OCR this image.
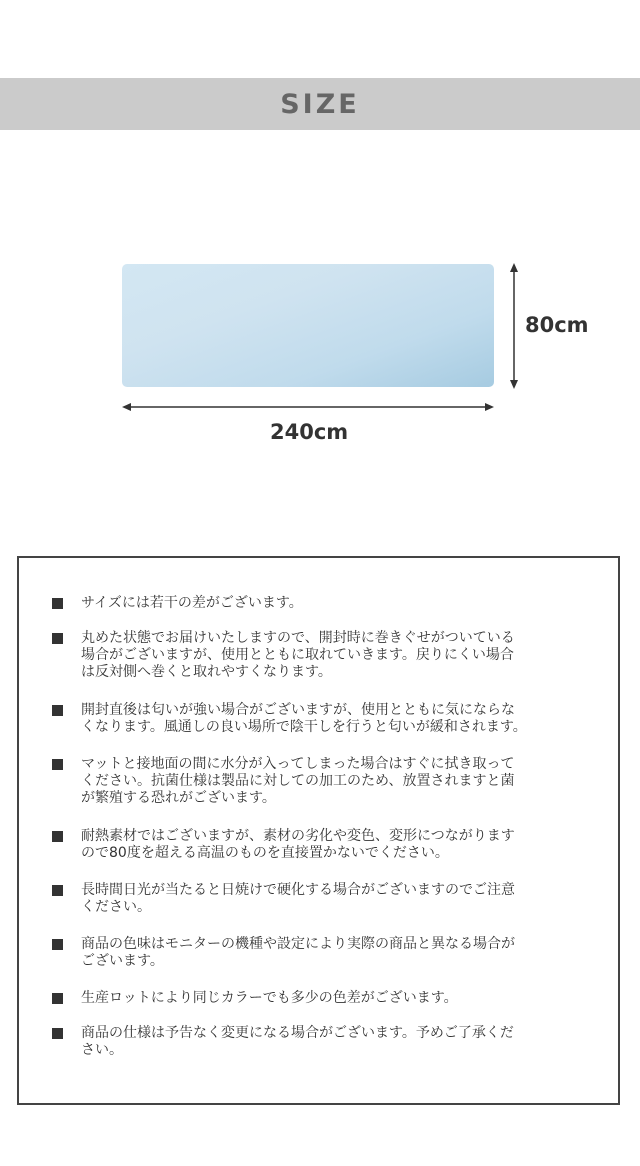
SIZE
80cm
240cm
サイズには若干の差がございます。
丸めた状態でお届けいたしますので、開封時に巻きぐせがついている
場合がございますが、使用とともに取れていきます。戻りにくい場合
は反対側へ巻くと取れやすくなります。
開封直後は匂いが強い場合がございますが、使用とともに気にならな
くなります。風通しの良い場所で陰干しを行うと匂いが緩和されます。
マットと接地面の間に水分が入ってしまった場合はすぐに拭き取って
ください。抗菌仕様は製品に対しての加工のため、放置されますと菌
が繁殖する恐れがございます。
耐熱素材ではございますが、素材の劣化や変色、変形につながります
ので80度を超える高温のものを直接置かないでください。
長時間日光が当たると日焼けで硬化する場合がございますのでご注意
ください。
商品の色味はモニターの機種や設定により実際の商品と異なる場合が
ございます。
生産ロットにより同じカラーでも多少の色差がございます。
商品の仕様は予告なく変更になる場合がございます。予めご了承くだ
さい。
